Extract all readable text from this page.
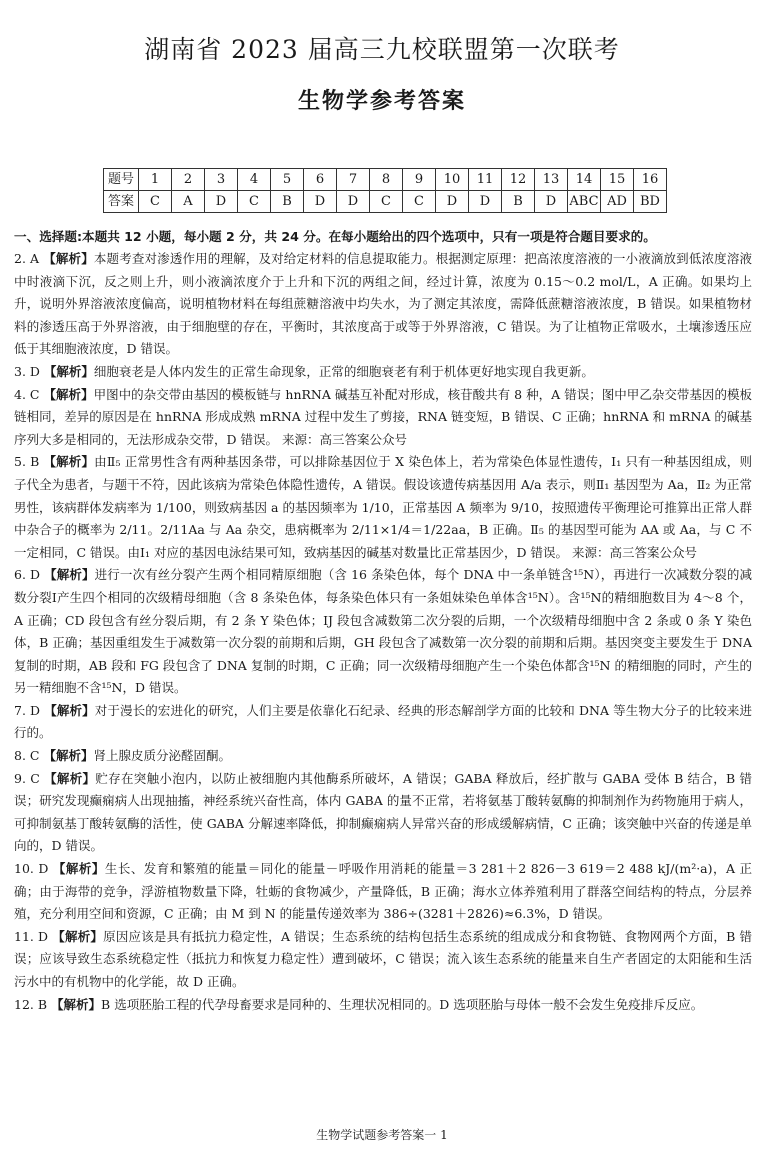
湖南省 2023 届高三九校联盟第一次联考
生物学参考答案
题号	1	2	3	4	5	6	7	8	9	10	11	12	13	14	15	16
答案	C	A	D	C	B	D	D	C	C	D	D	B	D	ABC	AD	BD
一、选择题:本题共 12 小题，每小题 2 分，共 24 分。在每小题给出的四个选项中，只有一项是符合题目要求的。

2. A 【解析】本题考查对渗透作用的理解，及对给定材料的信息提取能力。根据测定原理：把高浓度溶液的一小液滴放到低浓度溶液中时液滴下沉，反之则上升，则小液滴浓度介于上升和下沉的两组之间，经过计算，浓度为 0.15～0.2 mol/L，A 正确。如果均上升，说明外界溶液浓度偏高，说明植物材料在每组蔗糖溶液中均失水，为了测定其浓度，需降低蔗糖溶液浓度，B 错误。如果植物材料的渗透压高于外界溶液，由于细胞壁的存在，平衡时，其浓度高于或等于外界溶液，C 错误。为了让植物正常吸水，土壤渗透压应低于其细胞液浓度，D 错误。

3. D 【解析】细胞衰老是人体内发生的正常生命现象，正常的细胞衰老有利于机体更好地实现自我更新。

4. C 【解析】甲图中的杂交带由基因的模板链与 hnRNA 碱基互补配对形成，核苷酸共有 8 种，A 错误；图中甲乙杂交带基因的模板链相同，差异的原因是在 hnRNA 形成成熟 mRNA 过程中发生了剪接，RNA 链变短，B 错误、C 正确；hnRNA 和 mRNA 的碱基序列大多是相同的，无法形成杂交带，D 错误。 来源：高三答案公众号

5. B 【解析】由Ⅱ₅ 正常男性含有两种基因条带，可以排除基因位于 X 染色体上，若为常染色体显性遗传，Ⅰ₁ 只有一种基因组成，则子代全为患者，与题干不符，因此该病为常染色体隐性遗传，A 错误。假设该遗传病基因用 A/a 表示，则Ⅱ₁ 基因型为 Aa，Ⅱ₂ 为正常男性，该病群体发病率为 1/100，则致病基因 a 的基因频率为 1/10，正常基因 A 频率为 9/10，按照遗传平衡理论可推算出正常人群中杂合子的概率为 2/11。2/11Aa 与 Aa 杂交，患病概率为 2/11×1/4＝1/22aa，B 正确。Ⅱ₅ 的基因型可能为 AA 或 Aa，与 C 不一定相同，C 错误。由Ⅰ₁ 对应的基因电泳结果可知，致病基因的碱基对数量比正常基因少，D 错误。 来源：高三答案公众号

6. D 【解析】进行一次有丝分裂产生两个相同精原细胞（含 16 条染色体，每个 DNA 中一条单链含¹⁵N），再进行一次减数分裂的减数分裂Ⅰ产生四个相同的次级精母细胞（含 8 条染色体，每条染色体只有一条姐妹染色单体含¹⁵N）。含¹⁵N的精细胞数目为 4～8 个，A 正确；CD 段包含有丝分裂后期，有 2 条 Y 染色体；IJ 段包含减数第二次分裂的后期，一个次级精母细胞中含 2 条或 0 条 Y 染色体，B 正确；基因重组发生于减数第一次分裂的前期和后期，GH 段包含了减数第一次分裂的前期和后期。基因突变主要发生于 DNA 复制的时期，AB 段和 FG 段包含了 DNA 复制的时期，C 正确；同一次级精母细胞产生一个染色体都含¹⁵N 的精细胞的同时，产生的另一精细胞不含¹⁵N，D 错误。

7. D 【解析】对于漫长的宏进化的研究，人们主要是依靠化石纪录、经典的形态解剖学方面的比较和 DNA 等生物大分子的比较来进行的。

8. C 【解析】肾上腺皮质分泌醛固酮。

9. C 【解析】贮存在突触小泡内，以防止被细胞内其他酶系所破坏，A 错误；GABA 释放后，经扩散与 GABA 受体 B 结合，B 错误；研究发现癫痫病人出现抽搐，神经系统兴奋性高，体内 GABA 的量不正常，若将氨基丁酸转氨酶的抑制剂作为药物施用于病人，可抑制氨基丁酸转氨酶的活性，使 GABA 分解速率降低，抑制癫痫病人异常兴奋的形成缓解病情，C 正确；该突触中兴奋的传递是单向的，D 错误。

10. D 【解析】生长、发育和繁殖的能量＝同化的能量－呼吸作用消耗的能量＝3 281＋2 826－3 619＝2 488 kJ/(m²·a)，A 正确；由于海带的竞争，浮游植物数量下降，牡蛎的食物减少，产量降低，B 正确；海水立体养殖利用了群落空间结构的特点，分层养殖，充分利用空间和资源，C 正确；由 M 到 N 的能量传递效率为 386÷(3281＋2826)≈6.3%，D 错误。

11. D 【解析】原因应该是具有抵抗力稳定性，A 错误；生态系统的结构包括生态系统的组成成分和食物链、食物网两个方面，B 错误；应该导致生态系统稳定性（抵抗力和恢复力稳定性）遭到破坏，C 错误；流入该生态系统的能量来自生产者固定的太阳能和生活污水中的有机物中的化学能，故 D 正确。

12. B 【解析】B 选项胚胎工程的代孕母畜要求是同种的、生理状况相同的。D 选项胚胎与母体一般不会发生免疫排斥反应。

生物学试题参考答案一 1
